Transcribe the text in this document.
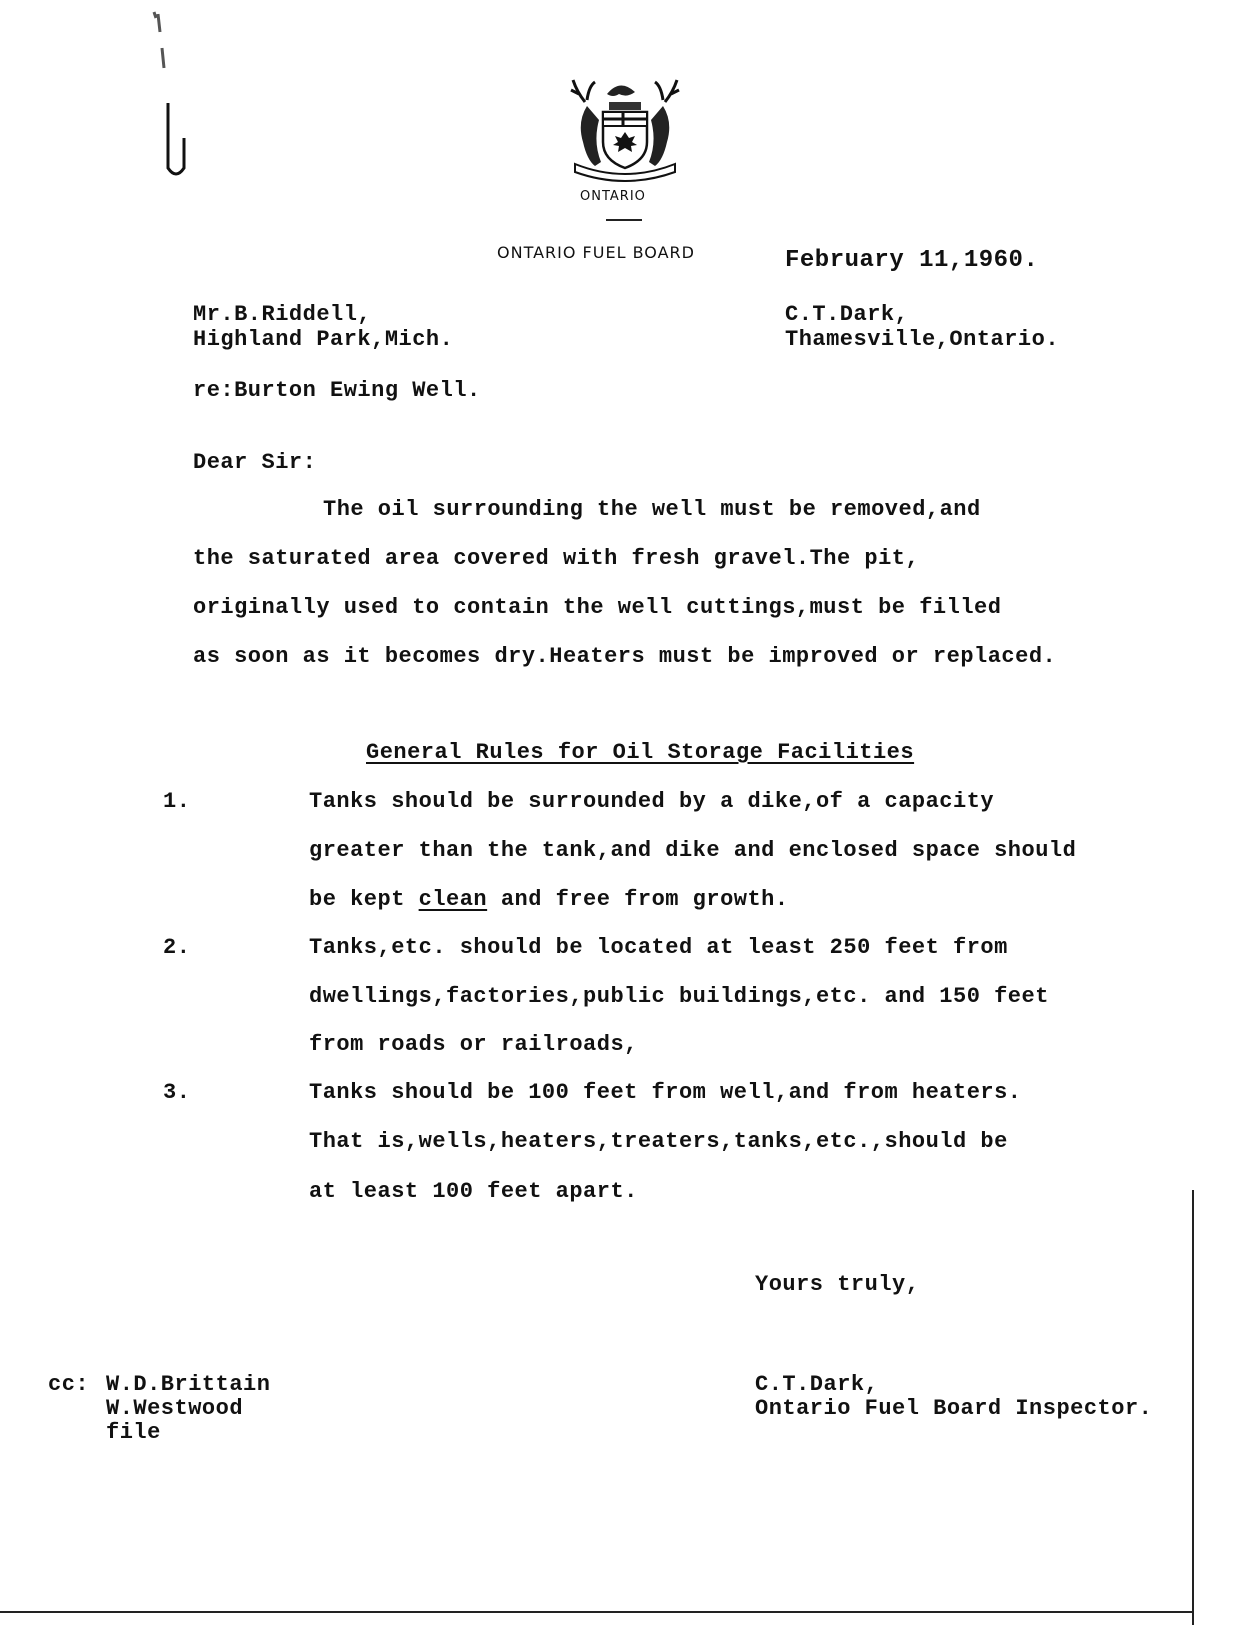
ONTARIO
ONTARIO FUEL BOARD	February 11,1960.
Mr.B.Riddell,
Highland Park,Mich.
C.T.Dark,
Thamesville,Ontario.
re:Burton Ewing Well.
Dear Sir:
The oil surrounding the well must be removed,and
the saturated area covered with fresh gravel.The pit,
originally used to contain the well cuttings,must be filled
as soon as it becomes dry.Heaters must be improved or replaced.
General Rules for Oil Storage Facilities
1.	Tanks should be surrounded by a dike,of a capacity
greater than the tank,and dike and enclosed space should
be kept clean and free from growth.
2.	Tanks,etc. should be located at least 250 feet from
dwellings,factories,public buildings,etc. and 150 feet
from roads or railroads,
3.	Tanks should be 100 feet from well,and from heaters.
That is,wells,heaters,treaters,tanks,etc.,should be
at least 100 feet apart.
Yours truly,
C.T.Dark,
Ontario Fuel Board Inspector.
cc: W.D.Brittain
W.Westwood
file
